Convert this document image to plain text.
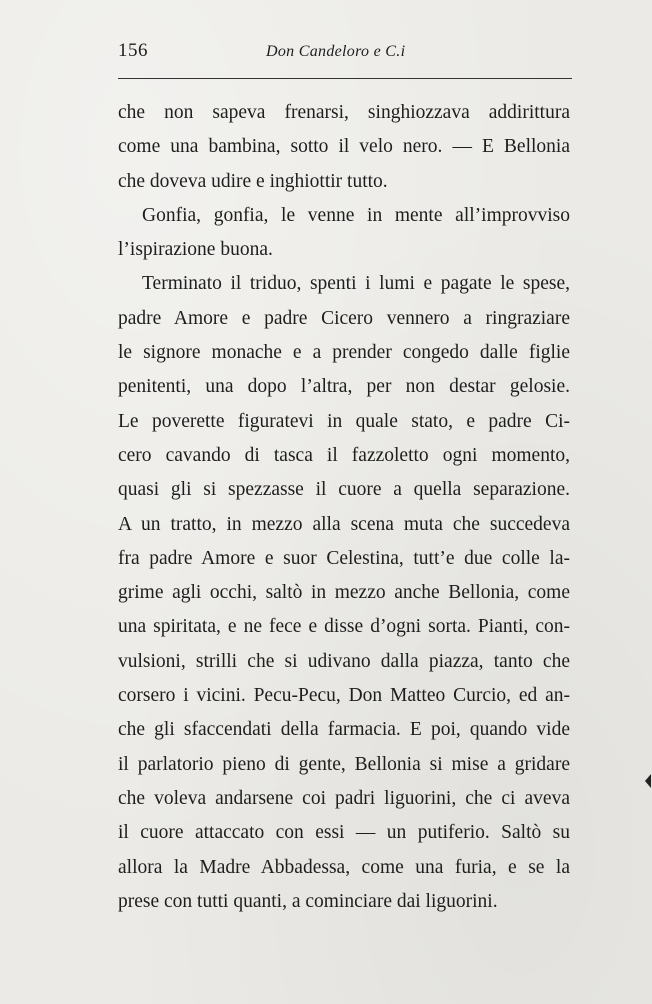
156	Don Candeloro e C.i
che non sapeva frenarsi, singhiozzava addirittura
come una bambina, sotto il velo nero. — E Bellonia
che doveva udire e inghiottir tutto.
Gonfia, gonfia, le venne in mente all’improvviso
l’ispirazione buona.
Terminato il triduo, spenti i lumi e pagate le spese,
padre Amore e padre Cicero vennero a ringraziare
le signore monache e a prender congedo dalle figlie
penitenti, una dopo l’altra, per non destar gelosie.
Le poverette figuratevi in quale stato, e padre Ci-
cero cavando di tasca il fazzoletto ogni momento,
quasi gli si spezzasse il cuore a quella separazione.
A un tratto, in mezzo alla scena muta che succedeva
fra padre Amore e suor Celestina, tutt’e due colle la-
grime agli occhi, saltò in mezzo anche Bellonia, come
una spiritata, e ne fece e disse d’ogni sorta. Pianti, con-
vulsioni, strilli che si udivano dalla piazza, tanto che
corsero i vicini. Pecu-Pecu, Don Matteo Curcio, ed an-
che gli sfaccendati della farmacia. E poi, quando vide
il parlatorio pieno di gente, Bellonia si mise a gridare
che voleva andarsene coi padri liguorini, che ci aveva
il cuore attaccato con essi — un putiferio. Saltò su
allora la Madre Abbadessa, come una furia, e se la
prese con tutti quanti, a cominciare dai liguorini.
